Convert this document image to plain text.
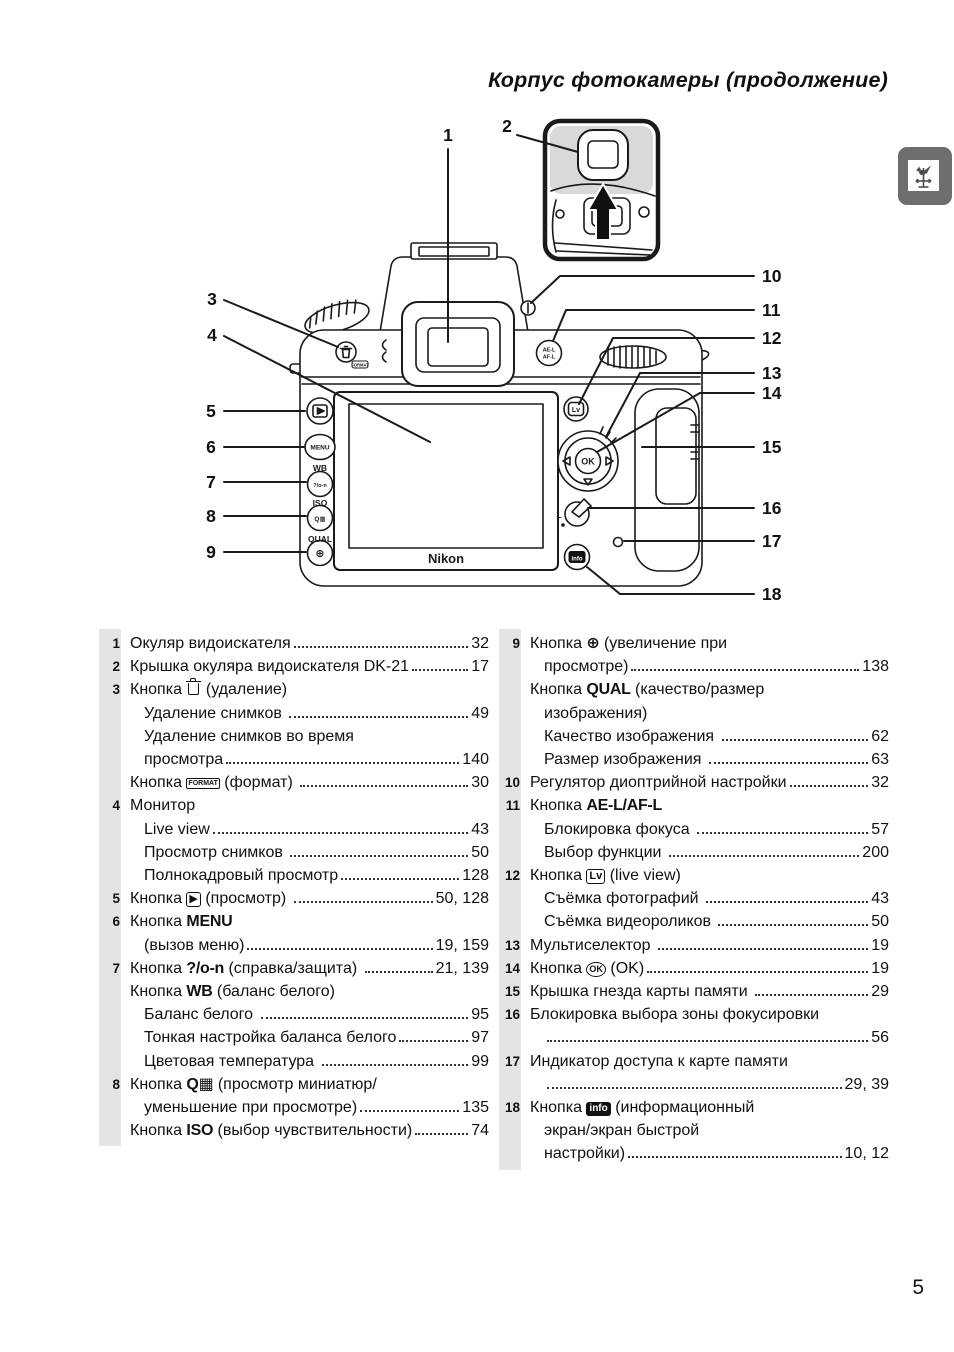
Корпус фотокамеры (продолжение)
Nikon
MENU
WB
?/o-n
ISO
Q▦
QUAL
⊕
AE-L
AF-L
Lv
OK
info
FORMAT
L
1	2
3
4
5
6
7
8
9
10
11
12
13
14
15
16
17
18
1 Окуляр видоискателя	32
2 Крышка окуляра видоискателя DK-21	17
3 Кнопка  (удаление)
Удаление снимков	49
Удаление снимков во время
просмотра	140
Кнопка FORMAT (формат)	30
4 Монитор
Live view	43
Просмотр снимков	50
Полнокадровый просмотр	128
5 Кнопка ▶ (просмотр)	50, 128
6 Кнопка MENU
(вызов меню)	19, 159
7 Кнопка ?/о-n (справка/защита)	21, 139
Кнопка WB (баланс белого)
Баланс белого	95
Тонкая настройка баланса белого	97
Цветовая температура	99
8 Кнопка Q▦ (просмотр миниатюр/
уменьшение при просмотре)	135
Кнопка ISO (выбор чувствительности)	74
9 Кнопка ⊕ (увеличение при
просмотре)	138
Кнопка QUAL (качество/размер
изображения)
Качество изображения	62
Размер изображения	63
10 Регулятор диоптрийной настройки	32
11 Кнопка AE-L/AF-L
Блокировка фокуса	57
Выбор функции	200
12 Кнопка Lv (live view)
Съёмка фотографий	43
Съёмка видеороликов	50
13 Мультиселектор	19
14 Кнопка OK (OK)	19
15 Крышка гнезда карты памяти	29
16 Блокировка выбора зоны фокусировки
56
17 Индикатор доступа к карте памяти
29, 39
18 Кнопка info (информационный
экран/экран быстрой
настройки)	10, 12
5
